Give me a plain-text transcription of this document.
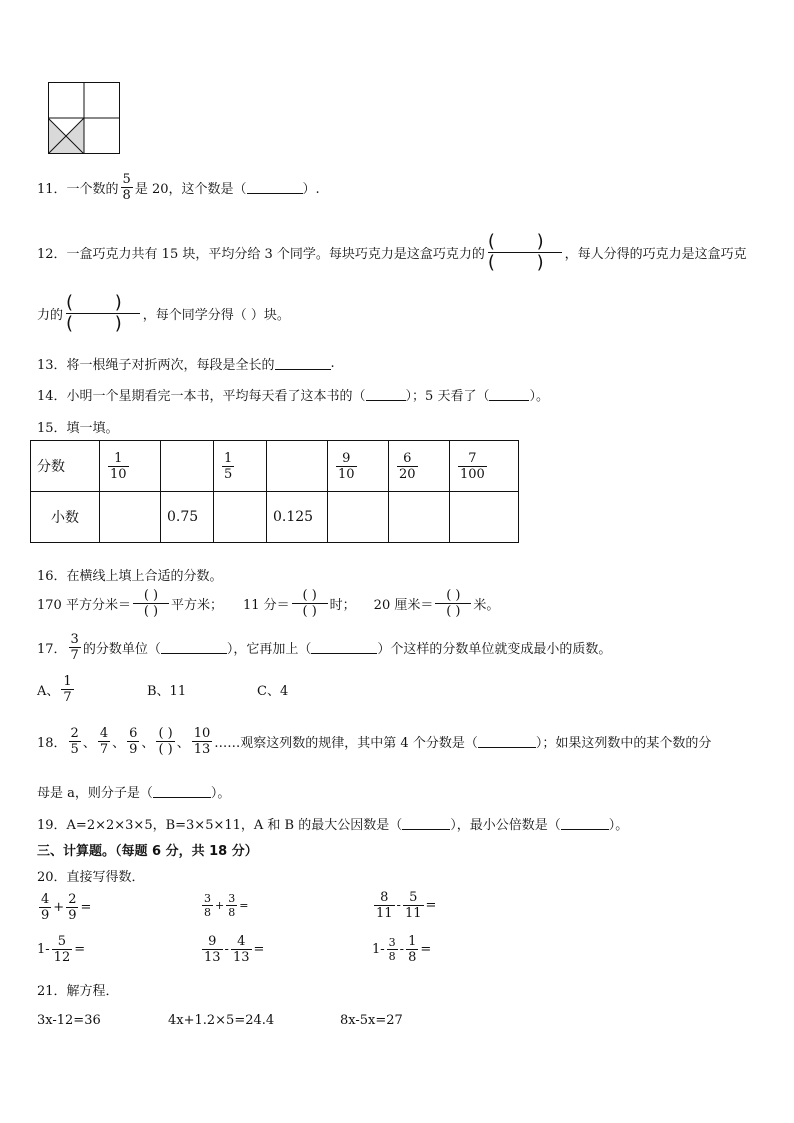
11．一个数的 $\frac{5}{8}$ 是 20，这个数是（	）.
12．一盒巧克力共有 15 块，平均分给 3 个同学。每块巧克力是这盒巧克力的 $\frac{( )}{( )}$ ，每人分得的巧克力是这盒巧克
力的 $\frac{( )}{( )}$ ，每个同学分得（ ）块。
13．将一根绳子对折两次，每段是全长的	.
14．小明一个星期看完一本书，平均每天看了这本书的（	）；5 天看了（	）。
15．填一填。
分数	$\frac{1}{10}$		$\frac{1}{5}$		$\frac{9}{10}$	$\frac{6}{20}$	$\frac{7}{100}$

小数		0.75		0.125			
16．在横线上填上合适的分数。
170 平方分米＝ $\frac{( )}{( )}$ 平方米； 11 分＝ $\frac{( )}{( )}$ 时； 20 厘米＝ $\frac{( )}{( )}$ 米。
17． $\frac{3}{7}$ 的分数单位（	），它再加上（	）个这样的分数单位就变成最小的质数。
A、 $\frac{1}{7}$	B、11	C、4
18． $\frac{2}{5}$ 、 $\frac{4}{7}$ 、 $\frac{6}{9}$ 、 $\frac{( )}{( )}$ 、 $\frac{10}{13}$ ……观察这列数的规律，其中第 4 个分数是（	）；如果这列数中的某个数的分
母是 a，则分子是（	）。
19．A=2×2×3×5，B=3×5×11，A 和 B 的最大公因数是（	），最小公倍数是（	）。
三、计算题。（每题 6 分，共 18 分）
20．直接写得数．
$\frac{4}{9} + \frac{2}{9}$ =	$\frac{3}{8} + \frac{3}{8}$ =	$\frac{8}{11} - \frac{5}{11}$ =
$1- \frac{5}{12}$ =	$\frac{9}{13} - \frac{4}{13}$ =	$1- \frac{3}{8} - \frac{1}{8}$ =
21．解方程．
3x-12=36	4x+1.2×5=24.4	8x-5x=27
